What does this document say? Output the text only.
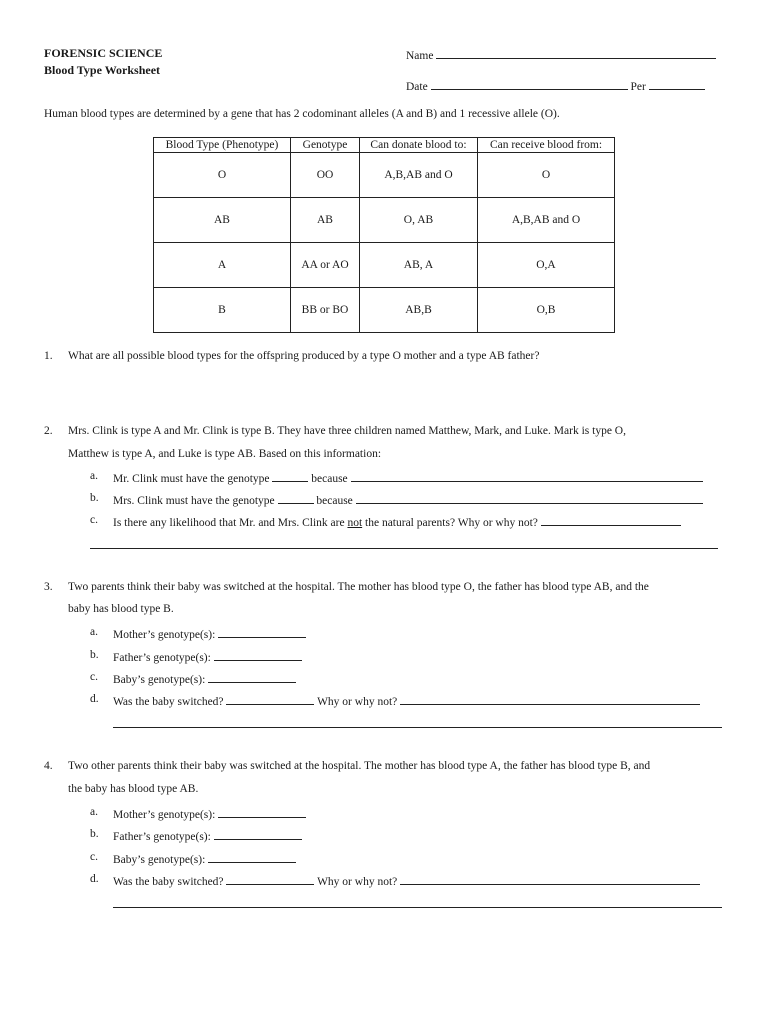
FORENSIC SCIENCE
Blood Type Worksheet
Name
Date	Per
Human blood types are determined by a gene that has 2 codominant alleles (A and B) and 1 recessive allele (O).
Blood Type (Phenotype)	Genotype	Can donate blood to:	Can receive blood from:
O	OO	A,B,AB and O	O
AB	AB	O, AB	A,B,AB and O
A	AA or AO	AB, A	O,A
B	BB or BO	AB,B	O,B
1. What are all possible blood types for the offspring produced by a type O mother and a type AB father?
2. Mrs. Clink is type A and Mr. Clink is type B. They have three children named Matthew, Mark, and Luke. Mark is type O,
Matthew is type A, and Luke is type AB. Based on this information:
a. Mr. Clink must have the genotype	because
b. Mrs. Clink must have the genotype	because
c. Is there any likelihood that Mr. and Mrs. Clink are not the natural parents? Why or why not?
3. Two parents think their baby was switched at the hospital. The mother has blood type O, the father has blood type AB, and the
baby has blood type B.
a. Mother’s genotype(s):
b. Father’s genotype(s):
c. Baby’s genotype(s):
d. Was the baby switched?	Why or why not?
4. Two other parents think their baby was switched at the hospital. The mother has blood type A, the father has blood type B, and
the baby has blood type AB.
a. Mother’s genotype(s):
b. Father’s genotype(s):
c. Baby’s genotype(s):
d. Was the baby switched?	Why or why not?
